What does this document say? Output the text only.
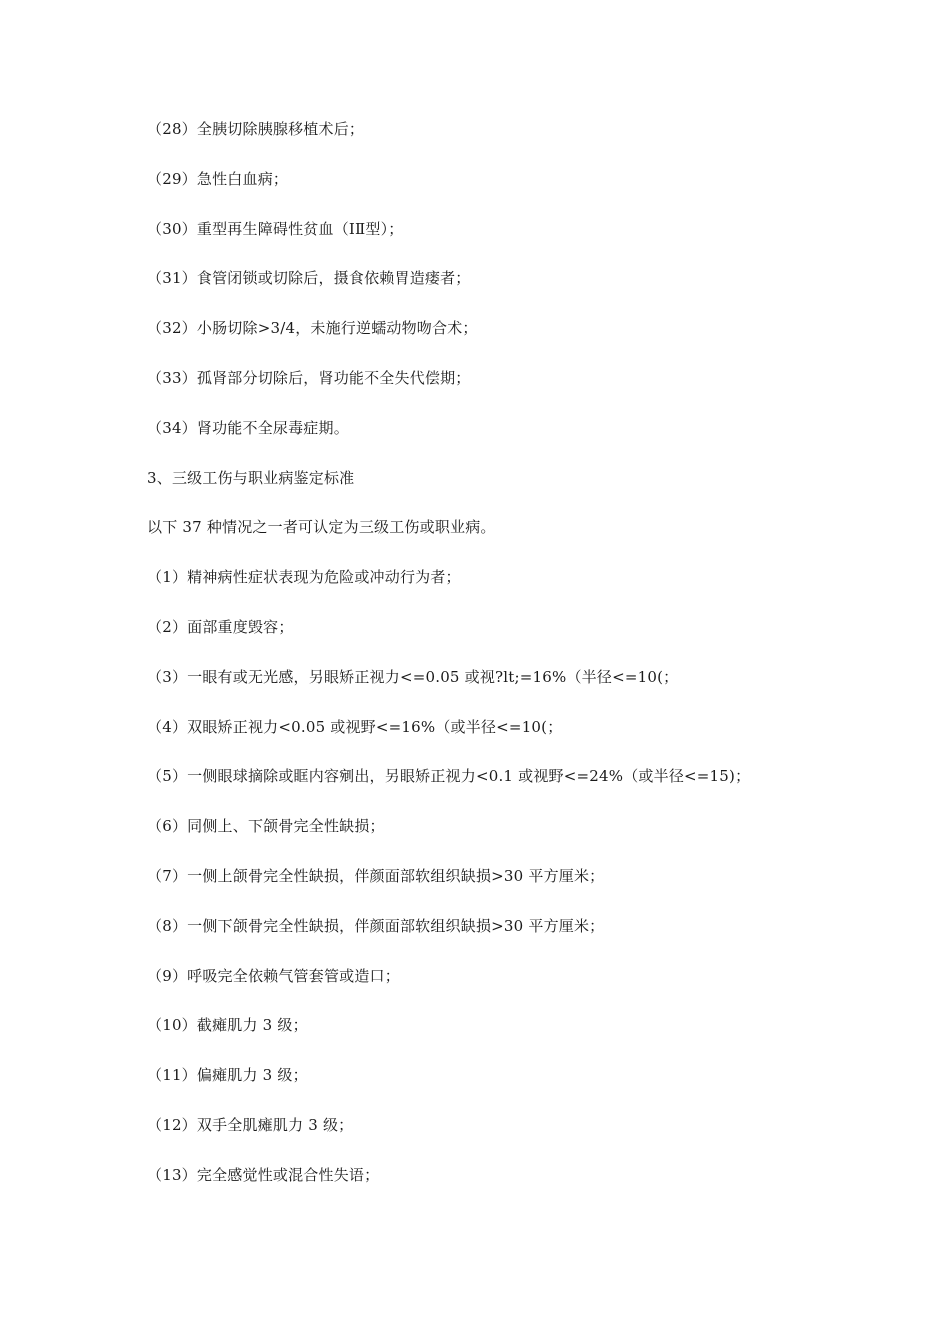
（28）全胰切除胰腺移植术后；
（29）急性白血病；
（30）重型再生障碍性贫血（ⅠⅡ型）；
（31）食管闭锁或切除后，摄食依赖胃造瘘者；
（32）小肠切除>3/4，未施行逆蠕动物吻合术；
（33）孤肾部分切除后，肾功能不全失代偿期；
（34）肾功能不全尿毒症期。
3、三级工伤与职业病鉴定标准
以下 37 种情况之一者可认定为三级工伤或职业病。
（1）精神病性症状表现为危险或冲动行为者；
（2）面部重度毁容；
（3）一眼有或无光感，另眼矫正视力<=0.05 或视?lt;=16%（半径<=10(；
（4）双眼矫正视力<0.05 或视野<=16%（或半径<=10(；
（5）一侧眼球摘除或眶内容剜出，另眼矫正视力<0.1 或视野<=24%（或半径<=15)；
（6）同侧上、下颌骨完全性缺损；
（7）一侧上颌骨完全性缺损，伴颜面部软组织缺损>30 平方厘米；
（8）一侧下颌骨完全性缺损，伴颜面部软组织缺损>30 平方厘米；
（9）呼吸完全依赖气管套管或造口；
（10）截瘫肌力 3 级；
（11）偏瘫肌力 3 级；
（12）双手全肌瘫肌力 3 级；
（13）完全感觉性或混合性失语；
